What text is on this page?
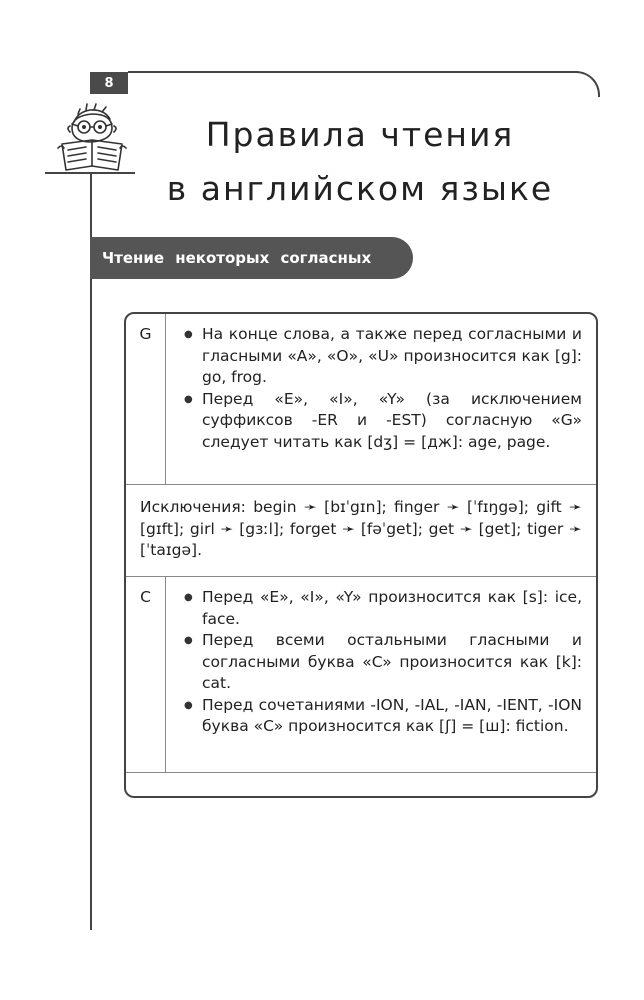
8
Правила чтения
в английском языке
Чтение некоторых согласных
G	● На конце слова, а также перед согласными и гласными «A», «O», «U» произносится как [g]: go, frog.
● Перед «E», «I», «Y» (за исключением суффиксов -ER и -EST) согласную «G» следует читать как [dʒ] = [дж]: age, page.
Исключения: begin ➛ [bɪˈgɪn]; finger ➛ [ˈfɪŋgə]; gift ➛ [gɪft]; girl ➛ [gɜːl]; forget ➛ [fəˈget]; get ➛ [get]; tiger ➛ [ˈtaɪgə].
C	● Перед «E», «I», «Y» произносится как [s]: ice, face.
● Перед всеми остальными гласными и согласными буква «C» произносится как [k]: cat.
● Перед сочетаниями -ION, -IAL, -IAN, -IENT, -ION буква «C» произносится как [ʃ] = [ш]: fiction.
